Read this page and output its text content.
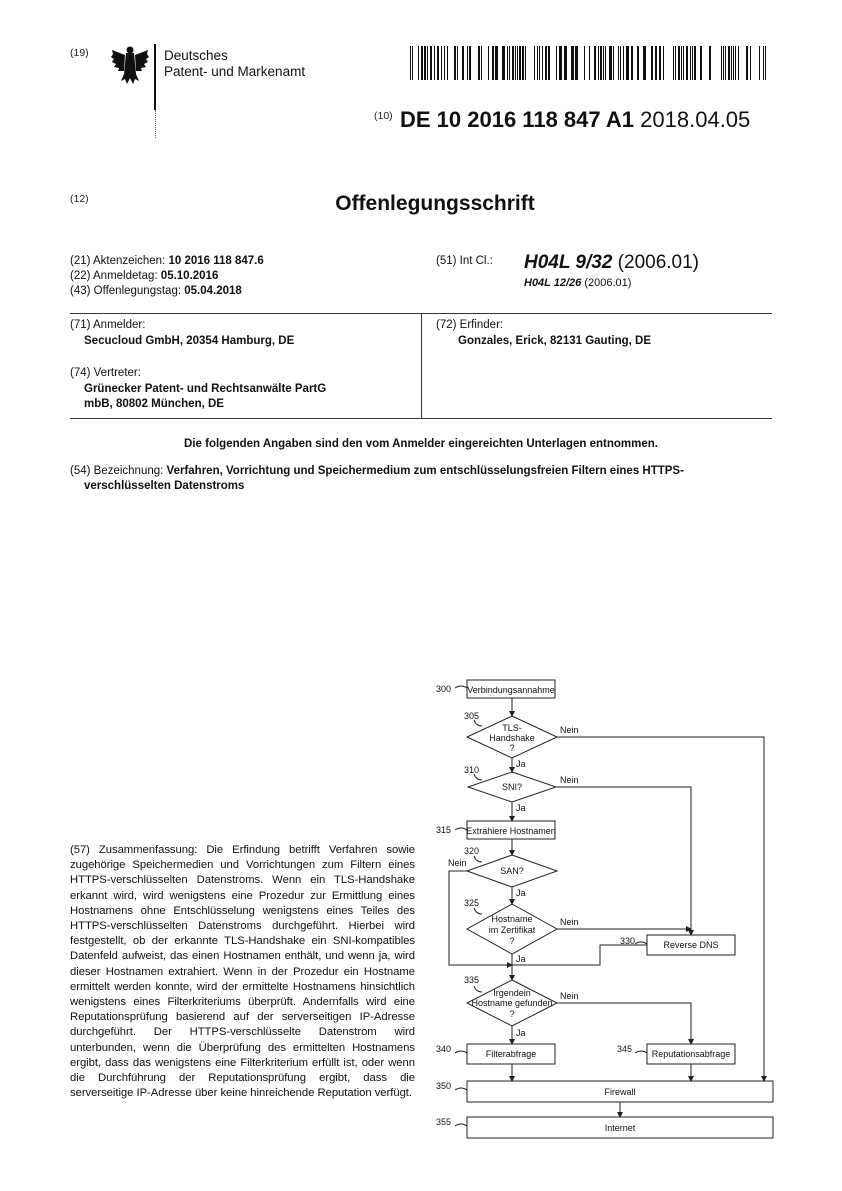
(19)	Deutsches
Patent- und Markenamt
(10) DE 10 2016 118 847 A1 2018.04.05
(12)	Offenlegungsschrift
(21) Aktenzeichen: 10 2016 118 847.6
(22) Anmeldetag: 05.10.2016
(43) Offenlegungstag: 05.04.2018
(51) Int Cl.: H04L 9/32 (2006.01)
H04L 12/26 (2006.01)
(71) Anmelder:
Secucloud GmbH, 20354 Hamburg, DE
(72) Erfinder:
Gonzales, Erick, 82131 Gauting, DE
(74) Vertreter:
Grünecker Patent- und Rechtsanwälte PartG
mbB, 80802 München, DE
Die folgenden Angaben sind den vom Anmelder eingereichten Unterlagen entnommen.
(54) Bezeichnung: Verfahren, Vorrichtung und Speichermedium zum entschlüsselungsfreien Filtern eines HTTPS-
verschlüsselten Datenstroms
(57) Zusammenfassung: Die Erfindung betrifft Verfahren sowie zugehörige Speichermedien und Vorrichtungen zum Filtern eines HTTPS-verschlüsselten Datenstroms. Wenn ein TLS-Handshake erkannt wird, wird wenigstens eine Prozedur zur Ermittlung eines Hostnamens ohne Entschlüsselung wenigstens eines Teiles des HTTPS-verschlüsselten Datenstroms durchgeführt. Hierbei wird festgestellt, ob der erkannte TLS-Handshake ein SNI-kompatibles Datenfeld aufweist, das einen Hostnamen enthält, und wenn ja, wird dieser Hostnamen extrahiert. Wenn in der Prozedur ein Hostname ermittelt werden konnte, wird der ermittelte Hostnamens hinsichtlich wenigstens eines Filterkriteriums überprüft. Andernfalls wird eine Reputationsprüfung basierend auf der serverseitigen IP-Adresse durchgeführt. Der HTTPS-verschlüsselte Datenstrom wird unterbunden, wenn die Überprüfung des ermittelten Hostnamens ergibt, dass das wenigstens eine Filterkriterium erfüllt ist, oder wenn die Durchführung der Reputationsprüfung ergibt, dass die serverseitige IP-Adresse über keine hinreichende Reputation verfügt.
300 Verbindungsannahme
305
TLS-
Handshake
?
Nein
Ja
310
SNI?
Nein
Ja
315 Extrahiere Hostnamen
320
SAN?
Nein
Ja
325
Hostname
im Zertifikat
?
Nein
Ja
330	Reverse DNS
335
Irgendein
Hostname gefunden
?
Nein
Ja
340	Filterabfrage	345 Reputationsabfrage
350
Firewall
355
Internet
